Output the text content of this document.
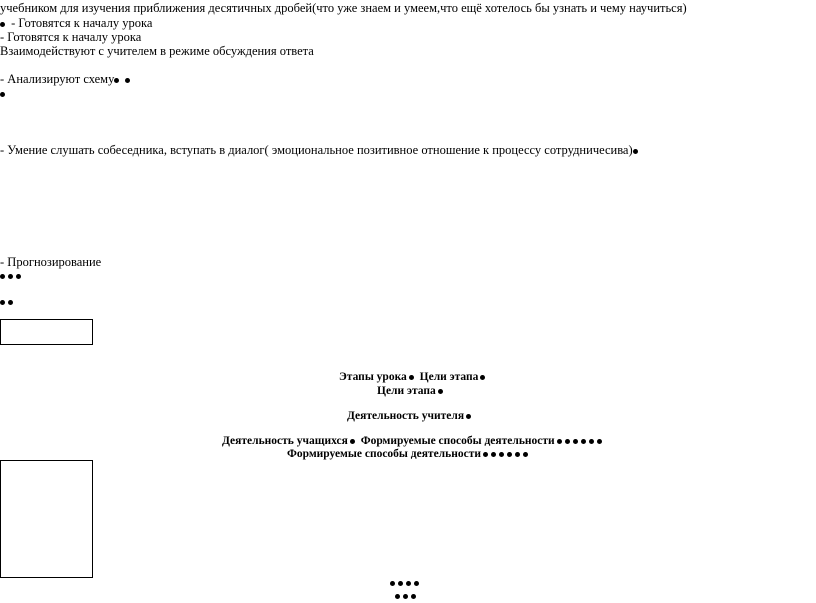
учебником для изучения приближения десятичных дробей(что уже знаем и умеем,что ещё хотелось бы узнать и чему научиться)
- Готовятся к началу урока
- Готовятся к началу урока
Взаимодействуют с учителем в режиме обсуждения ответа
- Анализируют схему
- Умение слушать собеседника, вступать в диалог( эмоциональное позитивное отношение к процессу сотрудничесива)
- Прогнозирование
Этапы урока Цели этапа
Цели этапа
Деятельность учителя
Деятельность учащихся Формируемые способы деятельности
Формируемые способы деятельности
